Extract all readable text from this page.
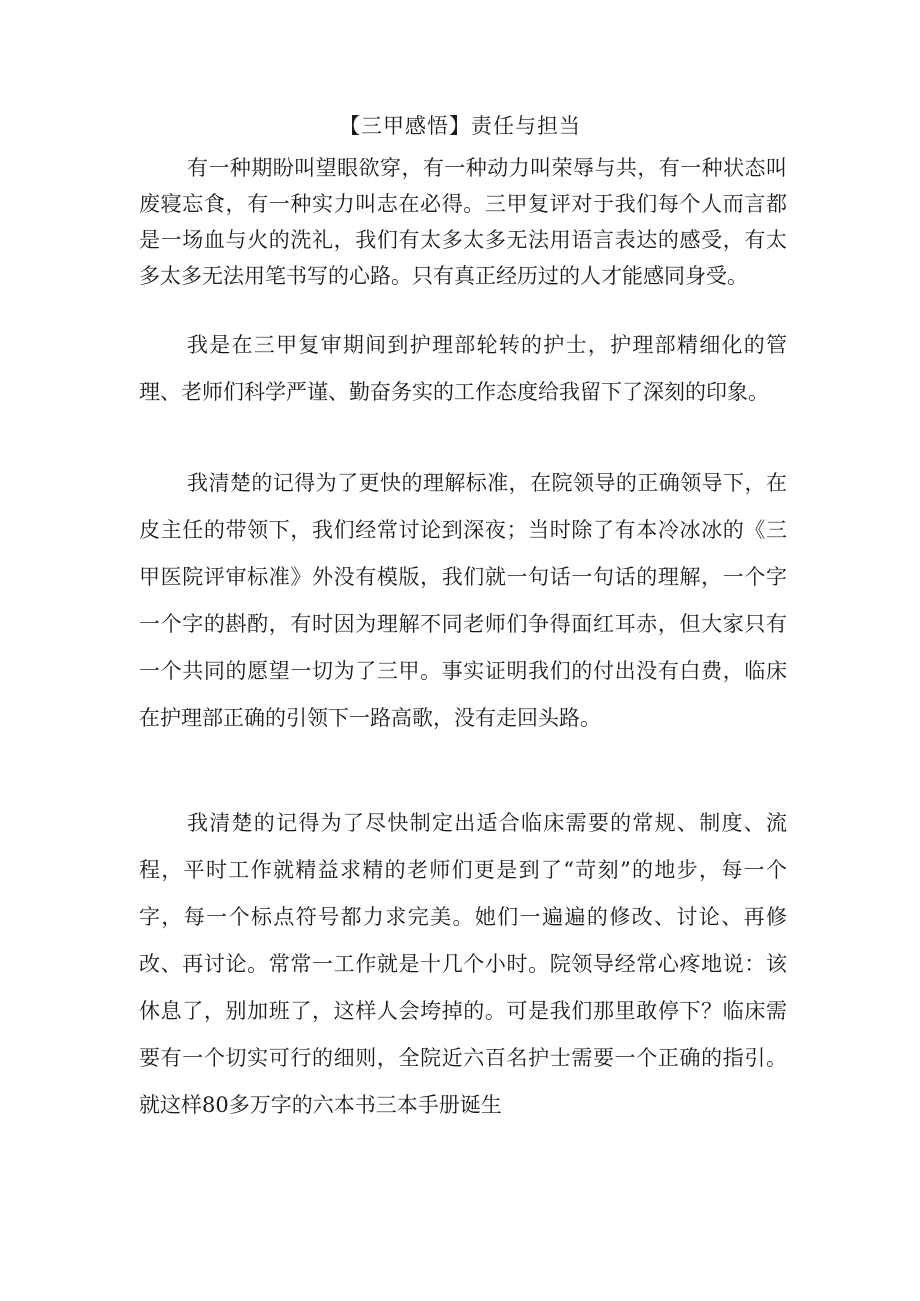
【三甲感悟】责任与担当

有一种期盼叫望眼欲穿，有一种动力叫荣辱与共，有一种状态叫废寝忘食，有一种实力叫志在必得。三甲复评对于我们每个人而言都是一场血与火的洗礼，我们有太多太多无法用语言表达的感受，有太多太多无法用笔书写的心路。只有真正经历过的人才能感同身受。

我是在三甲复审期间到护理部轮转的护士，护理部精细化的管理、老师们科学严谨、勤奋务实的工作态度给我留下了深刻的印象。

我清楚的记得为了更快的理解标准，在院领导的正确领导下，在皮主任的带领下，我们经常讨论到深夜；当时除了有本冷冰冰的《三甲医院评审标准》外没有模版，我们就一句话一句话的理解，一个字一个字的斟酌，有时因为理解不同老师们争得面红耳赤，但大家只有一个共同的愿望一切为了三甲。事实证明我们的付出没有白费，临床在护理部正确的引领下一路高歌，没有走回头路。

我清楚的记得为了尽快制定出适合临床需要的常规、制度、流程，平时工作就精益求精的老师们更是到了“苛刻”的地步，每一个字，每一个标点符号都力求完美。她们一遍遍的修改、讨论、再修改、再讨论。常常一工作就是十几个小时。院领导经常心疼地说：该休息了，别加班了，这样人会垮掉的。可是我们那里敢停下？临床需要有一个切实可行的细则，全院近六百名护士需要一个正确的指引。就这样80多万字的六本书三本手册诞生
